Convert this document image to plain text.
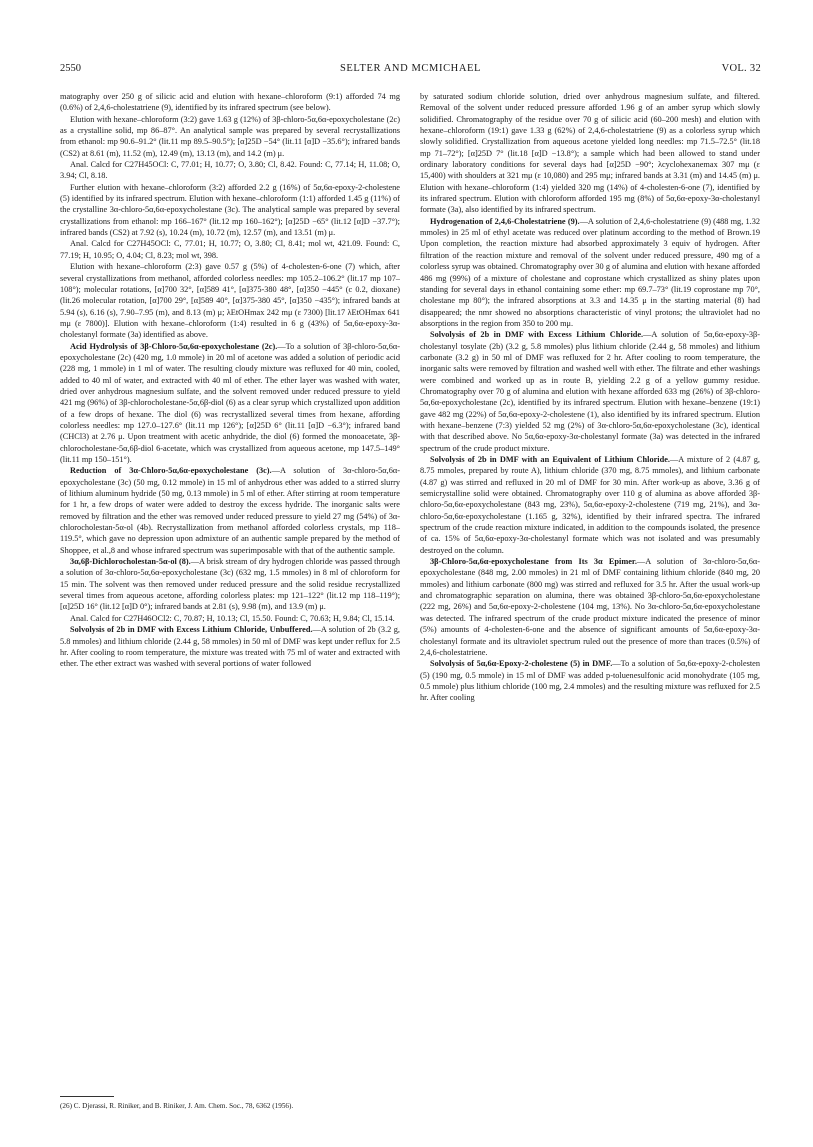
2550	SELTER AND MCMICHAEL	VOL. 32

matography over 250 g of silicic acid and elution with hexane–chloroform (9:1) afforded 74 mg (0.6%) of 2,4,6-cholestatriene (9), identified by its infrared spectrum (see below).

Elution with hexane–chloroform (3:2) gave 1.63 g (12%) of 3β-chloro-5α,6α-epoxycholestane (2c) as a crystalline solid, mp 86–87°. An analytical sample was prepared by several recrystallizations from ethanol: mp 90.6–91.2° (lit.11 mp 89.5–90.5°); [α]25D −54° (lit.11 [α]D −35.6°); infrared bands (CS2) at 8.61 (m), 11.52 (m), 12.49 (m), 13.13 (m), and 14.2 (m) μ.

Anal. Calcd for C27H45OCl: C, 77.01; H, 10.77; O, 3.80; Cl, 8.42. Found: C, 77.14; H, 11.08; O, 3.94; Cl, 8.18.

Further elution with hexane–chloroform (3:2) afforded 2.2 g (16%) of 5α,6α-epoxy-2-cholestene (5) identified by its infrared spectrum. Elution with hexane–chloroform (1:1) afforded 1.45 g (11%) of the crystalline 3α-chloro-5α,6α-epoxycholestane (3c). The analytical sample was prepared by several crystallizations from ethanol: mp 166–167° (lit.12 mp 160–162°); [α]25D −65° (lit.12 [α]D −37.7°); infrared bands (CS2) at 7.92 (s), 10.24 (m), 10.72 (m), 12.57 (m), and 13.51 (m) μ.

Anal. Calcd for C27H45OCl: C, 77.01; H, 10.77; O, 3.80; Cl, 8.41; mol wt, 421.09. Found: C, 77.19; H, 10.95; O, 4.04; Cl, 8.23; mol wt, 398.

Elution with hexane–chloroform (2:3) gave 0.57 g (5%) of 4-cholesten-6-one (7) which, after several crystallizations from methanol, afforded colorless needles: mp 105.2–106.2° (lit.17 mp 107–108°); molecular rotations, [α]700 32°, [α]589 41°, [α]375-380 48°, [α]350 −445° (c 0.2, dioxane) (lit.26 molecular rotation, [α]700 29°, [α]589 40°, [α]375-380 45°, [α]350 −435°); infrared bands at 5.94 (s), 6.16 (s), 7.90–7.95 (m), and 8.13 (m) μ; λEtOHmax 242 mμ (ε 7300) [lit.17 λEtOHmax 641 mμ (ε 7800)]. Elution with hexane–chloroform (1:4) resulted in 6 g (43%) of 5α,6α-epoxy-3α-cholestanyl formate (3a) identified as above.

Acid Hydrolysis of 3β-Chloro-5α,6α-epoxycholestane (2c).—To a solution of 3β-chloro-5α,6α-epoxycholestane (2c) (420 mg, 1.0 mmole) in 20 ml of acetone was added a solution of periodic acid (228 mg, 1 mmole) in 1 ml of water. The resulting cloudy mixture was refluxed for 40 min, cooled, added to 40 ml of water, and extracted with 40 ml of ether. The ether layer was washed with water, dried over anhydrous magnesium sulfate, and the solvent removed under reduced pressure to yield 421 mg (96%) of 3β-chlorocholestane-5α,6β-diol (6) as a clear syrup which crystallized upon addition of a few drops of hexane. The diol (6) was recrystallized several times from hexane, affording colorless needles: mp 127.0–127.6° (lit.11 mp 126°); [α]25D 6° (lit.11 [α]D −6.3°); infrared band (CHCl3) at 2.76 μ. Upon treatment with acetic anhydride, the diol (6) formed the monoacetate, 3β-chlorocholestane-5α,6β-diol 6-acetate, which was crystallized from aqueous acetone, mp 147.5–149° (lit.11 mp 150–151°).

Reduction of 3α-Chloro-5α,6α-epoxycholestane (3c).—A solution of 3α-chloro-5α,6α-epoxycholestane (3c) (50 mg, 0.12 mmole) in 15 ml of anhydrous ether was added to a stirred slurry of lithium aluminum hydride (50 mg, 0.13 mmole) in 5 ml of ether. After stirring at room temperature for 1 hr, a few drops of water were added to destroy the excess hydride. The inorganic salts were removed by filtration and the ether was removed under reduced pressure to yield 27 mg (54%) of 3α-chlorocholestan-5α-ol (4b). Recrystallization from methanol afforded colorless crystals, mp 118–119.5°, which gave no depression upon admixture of an authentic sample prepared by the method of Shoppee, et al.,8 and whose infrared spectrum was superimposable with that of the authentic sample.

3α,6β-Dichlorocholestan-5α-ol (8).—A brisk stream of dry hydrogen chloride was passed through a solution of 3α-chloro-5α,6α-epoxycholestane (3c) (632 mg, 1.5 mmoles) in 8 ml of chloroform for 15 min. The solvent was then removed under reduced pressure and the solid residue recrystallized several times from aqueous acetone, affording colorless plates: mp 121–122° (lit.12 mp 118–119°); [α]25D 16° (lit.12 [α]D 0°); infrared bands at 2.81 (s), 9.98 (m), and 13.9 (m) μ.

Anal. Calcd for C27H46OCl2: C, 70.87; H, 10.13; Cl, 15.50. Found: C, 70.63; H, 9.84; Cl, 15.14.

Solvolysis of 2b in DMF with Excess Lithium Chloride, Unbuffered.—A solution of 2b (3.2 g, 5.8 mmoles) and lithium chloride (2.44 g, 58 mmoles) in 50 ml of DMF was kept under reflux for 2.5 hr. After cooling to room temperature, the mixture was treated with 75 ml of water and extracted with ether. The ether extract was washed with several portions of water followed

by saturated sodium chloride solution, dried over anhydrous magnesium sulfate, and filtered. Removal of the solvent under reduced pressure afforded 1.96 g of an amber syrup which slowly solidified. Chromatography of the residue over 70 g of silicic acid (60–200 mesh) and elution with hexane–chloroform (19:1) gave 1.33 g (62%) of 2,4,6-cholestatriene (9) as a colorless syrup which slowly solidified. Crystallization from aqueous acetone yielded long needles: mp 71.5–72.5° (lit.18 mp 71–72°); [α]25D 7° (lit.18 [α]D −13.8°); a sample which had been allowed to stand under ordinary laboratory conditions for several days had [α]25D −90°; λcyclohexanemax 307 mμ (ε 15,400) with shoulders at 321 mμ (ε 10,080) and 295 mμ; infrared bands at 3.31 (m) and 14.45 (m) μ. Elution with hexane–chloroform (1:4) yielded 320 mg (14%) of 4-cholesten-6-one (7), identified by its infrared spectrum. Elution with chloroform afforded 195 mg (8%) of 5α,6α-epoxy-3α-cholestanyl formate (3a), also identified by its infrared spectrum.

Hydrogenation of 2,4,6-Cholestatriene (9).—A solution of 2,4,6-cholestatriene (9) (488 mg, 1.32 mmoles) in 25 ml of ethyl acetate was reduced over platinum according to the method of Brown.19 Upon completion, the reaction mixture had absorbed approximately 3 equiv of hydrogen. After filtration of the reaction mixture and removal of the solvent under reduced pressure, 490 mg of a colorless syrup was obtained. Chromatography over 30 g of alumina and elution with hexane afforded 486 mg (99%) of a mixture of cholestane and coprostane which crystallized as shiny plates upon standing for several days in ethanol containing some ether: mp 69.7–73° (lit.19 coprostane mp 70°, cholestane mp 80°); the infrared absorptions at 3.3 and 14.35 μ in the starting material (8) had disappeared; the nmr showed no absorptions characteristic of vinyl protons; the ultraviolet had no absorptions in the region from 350 to 200 mμ.

Solvolysis of 2b in DMF with Excess Lithium Chloride.—A solution of 5α,6α-epoxy-3β-cholestanyl tosylate (2b) (3.2 g, 5.8 mmoles) plus lithium chloride (2.44 g, 58 mmoles) and lithium carbonate (3.2 g) in 50 ml of DMF was refluxed for 2 hr. After cooling to room temperature, the inorganic salts were removed by filtration and washed well with ether. The filtrate and ether washings were combined and worked up as in route B, yielding 2.2 g of a yellow gummy residue. Chromatography over 70 g of alumina and elution with hexane afforded 633 mg (26%) of 3β-chloro-5α,6α-epoxycholestane (2c), identified by its infrared spectrum. Elution with hexane–benzene (19:1) gave 482 mg (22%) of 5α,6α-epoxy-2-cholestene (1), also identified by its infrared spectrum. Elution with hexane–benzene (7:3) yielded 52 mg (2%) of 3α-chloro-5α,6α-epoxycholestane (3c), identical with that described above. No 5α,6α-epoxy-3α-cholestanyl formate (3a) was detected in the infrared spectrum of the crude product mixture.

Solvolysis of 2b in DMF with an Equivalent of Lithium Chloride.—A mixture of 2 (4.87 g, 8.75 mmoles, prepared by route A), lithium chloride (370 mg, 8.75 mmoles), and lithium carbonate (4.87 g) was stirred and refluxed in 20 ml of DMF for 30 min. After work-up as above, 3.36 g of semicrystalline solid were obtained. Chromatography over 110 g of alumina as above afforded 3β-chloro-5α,6α-epoxycholestane (843 mg, 23%), 5α,6α-epoxy-2-cholestene (719 mg, 21%), and 3α-chloro-5α,6α-epoxycholestane (1.165 g, 32%), identified by their infrared spectra. The infrared spectrum of the crude reaction mixture indicated, in addition to the compounds isolated, the presence of ca. 15% of 5α,6α-epoxy-3α-cholestanyl formate which was not isolated and was presumably destroyed on the column.

3β-Chloro-5α,6α-epoxycholestane from Its 3α Epimer.—A solution of 3α-chloro-5α,6α-epoxycholestane (848 mg, 2.00 mmoles) in 21 ml of DMF containing lithium chloride (840 mg, 20 mmoles) and lithium carbonate (800 mg) was stirred and refluxed for 3.5 hr. After the usual work-up and chromatographic separation on alumina, there was obtained 3β-chloro-5α,6α-epoxycholestane (222 mg, 26%) and 5α,6α-epoxy-2-cholestene (104 mg, 13%). No 3α-chloro-5α,6α-epoxycholestane was detected. The infrared spectrum of the crude product mixture indicated the presence of minor (5%) amounts of 4-cholesten-6-one and the absence of significant amounts of 5α,6α-epoxy-3α-cholestanyl formate and its ultraviolet spectrum ruled out the presence of more than traces (0.5%) of 2,4,6-cholestatriene.

Solvolysis of 5α,6α-Epoxy-2-cholestene (5) in DMF.—To a solution of 5α,6α-epoxy-2-cholesten (5) (190 mg, 0.5 mmole) in 15 ml of DMF was added p-toluenesulfonic acid monohydrate (105 mg, 0.5 mmole) plus lithium chloride (100 mg, 2.4 mmoles) and the resulting mixture was refluxed for 2.5 hr. After cooling

(26) C. Djerassi, R. Riniker, and B. Riniker, J. Am. Chem. Soc., 78, 6362 (1956).
